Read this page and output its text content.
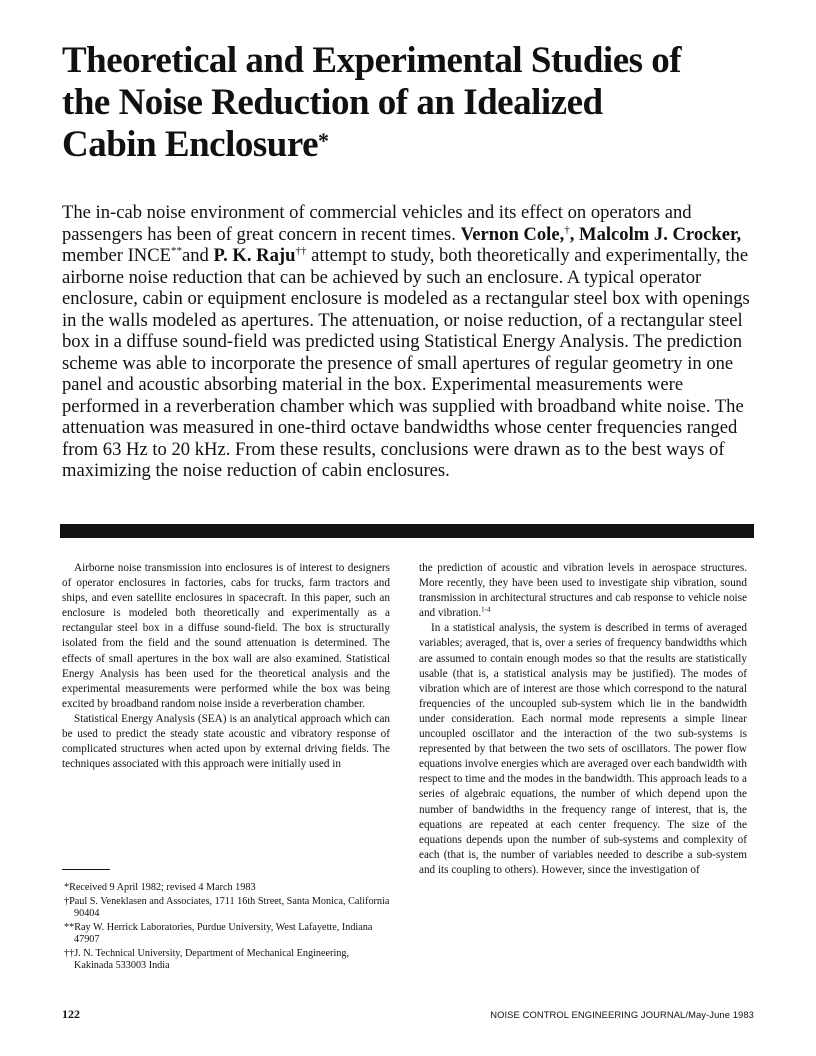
Theoretical and Experimental Studies of
the Noise Reduction of an Idealized
Cabin Enclosure*

The in-cab noise environment of commercial vehicles and its effect on operators and passengers has been of great concern in recent times. Vernon Cole,†, Malcolm J. Crocker, member INCE**and P. K. Raju†† attempt to study, both theoretically and experimentally, the airborne noise reduction that can be achieved by such an enclosure. A typical operator enclosure, cabin or equipment enclosure is modeled as a rectangular steel box with openings in the walls modeled as apertures. The attenuation, or noise reduction, of a rectangular steel box in a diffuse sound-field was predicted using Statistical Energy Analysis. The prediction scheme was able to incorporate the presence of small apertures of regular geometry in one panel and acoustic absorbing material in the box. Experimental measurements were performed in a reverberation chamber which was supplied with broadband white noise. The attenuation was measured in one-third octave bandwidths whose center frequencies ranged from 63 Hz to 20 kHz. From these results, conclusions were drawn as to the best ways of maximizing the noise reduction of cabin enclosures.

Airborne noise transmission into enclosures is of interest to designers of operator enclosures in factories, cabs for trucks, farm tractors and ships, and even satellite enclosures in spacecraft. In this paper, such an enclosure is modeled both theoretically and experimentally as a rectangular steel box in a diffuse sound-field. The box is structurally isolated from the field and the sound attenuation is determined. The effects of small apertures in the box wall are also examined. Statistical Energy Analysis has been used for the theoretical analysis and the experimental measurements were performed while the box was being excited by broadband random noise inside a reverberation chamber.

Statistical Energy Analysis (SEA) is an analytical approach which can be used to predict the steady state acoustic and vibratory response of complicated structures when acted upon by external driving fields. The techniques associated with this approach were initially used in

the prediction of acoustic and vibration levels in aerospace structures. More recently, they have been used to investigate ship vibration, sound transmission in architectural structures and cab response to vehicle noise and vibration.$^{1-4}$

In a statistical analysis, the system is described in terms of averaged variables; averaged, that is, over a series of frequency bandwidths which are assumed to contain enough modes so that the results are statistically usable (that is, a statistical analysis may be justified). The modes of vibration which are of interest are those which correspond to the natural frequencies of the uncoupled sub-system which lie in the bandwidth under consideration. Each normal mode represents a simple linear uncoupled oscillator and the interaction of the two sub-systems is represented by that between the two sets of oscillators. The power flow equations involve energies which are averaged over each bandwidth with respect to time and the modes in the bandwidth. This approach leads to a series of algebraic equations, the number of which depend upon the number of bandwidths in the frequency range of interest, that is, the equations are repeated at each center frequency. The size of the equations depends upon the number of sub-systems and complexity of each (that is, the number of variables needed to describe a sub-system and its coupling to others). However, since the investigation of

*Received 9 April 1982; revised 4 March 1983

†Paul S. Veneklasen and Associates, 1711 16th Street, Santa Monica, California 90404

**Ray W. Herrick Laboratories, Purdue University, West Lafayette, Indiana 47907

††J. N. Technical University, Department of Mechanical Engineering, Kakinada 533003 India

122	NOISE CONTROL ENGINEERING JOURNAL/May-June 1983
